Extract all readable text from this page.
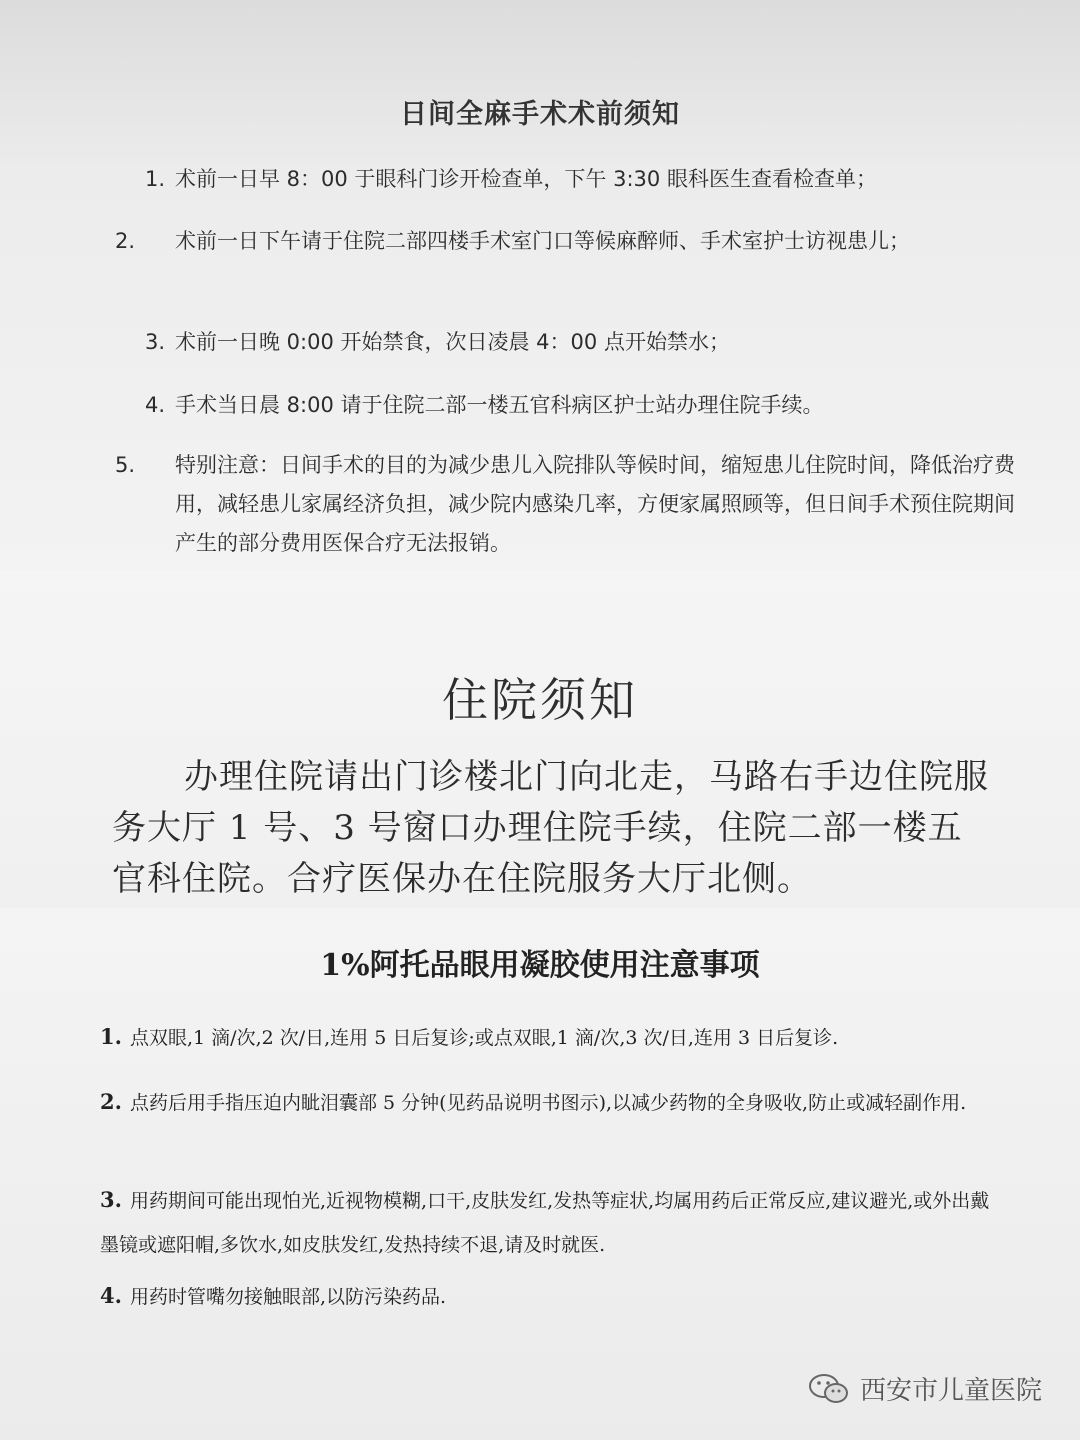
日间全麻手术术前须知
1. 术前一日早 8：00 于眼科门诊开检查单，下午 3:30 眼科医生查看检查单；
2. 术前一日下午请于住院二部四楼手术室门口等候麻醉师、手术室护士访视患儿；
3. 术前一日晚 0:00 开始禁食，次日凌晨 4：00 点开始禁水；
4. 手术当日晨 8:00 请于住院二部一楼五官科病区护士站办理住院手续。
5. 特别注意：日间手术的目的为减少患儿入院排队等候时间，缩短患儿住院时间，降低治疗费用，减轻患儿家属经济负担，减少院内感染几率，方便家属照顾等，但日间手术预住院期间产生的部分费用医保合疗无法报销。
住院须知
办理住院请出门诊楼北门向北走，马路右手边住院服务大厅 1 号、3 号窗口办理住院手续，住院二部一楼五官科住院。合疗医保办在住院服务大厅北侧。
1%阿托品眼用凝胶使用注意事项
1. 点双眼,1 滴/次,2 次/日,连用 5 日后复诊;或点双眼,1 滴/次,3 次/日,连用 3 日后复诊.
2. 点药后用手指压迫内眦泪囊部 5 分钟(见药品说明书图示),以减少药物的全身吸收,防止或减轻副作用.
3. 用药期间可能出现怕光,近视物模糊,口干,皮肤发红,发热等症状,均属用药后正常反应,建议避光,或外出戴墨镜或遮阳帽,多饮水,如皮肤发红,发热持续不退,请及时就医.
4. 用药时管嘴勿接触眼部,以防污染药品.
西安市儿童医院
